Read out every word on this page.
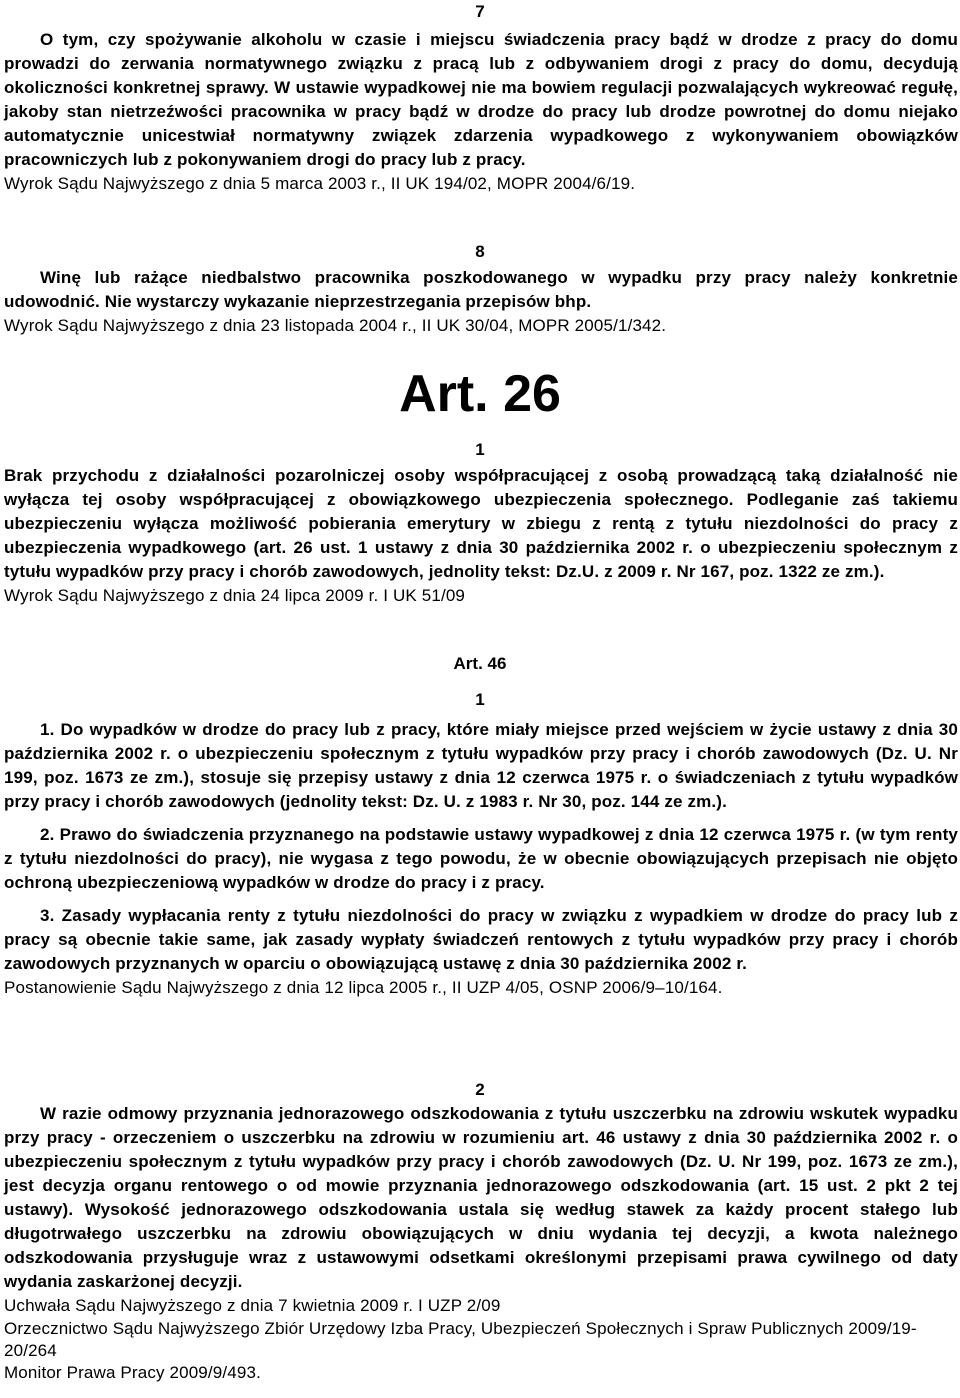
7
O tym, czy spożywanie alkoholu w czasie i miejscu świadczenia pracy bądź w drodze z pracy do domu prowadzi do zerwania normatywnego związku z pracą lub z odbywaniem drogi z pracy do domu, decydują okoliczności konkretnej sprawy. W ustawie wypadkowej nie ma bowiem regulacji pozwalających wykreować regułę, jakoby stan nietrzeźwości pracownika w pracy bądź w drodze do pracy lub drodze powrotnej do domu niejako automatycznie unicestwiał normatywny związek zdarzenia wypadkowego z wykonywaniem obowiązków pracowniczych lub z pokonywaniem drogi do pracy lub z pracy.
Wyrok Sądu Najwyższego z dnia 5 marca 2003 r., II UK 194/02, MOPR 2004/6/19.
8
Winę lub rażące niedbalstwo pracownika poszkodowanego w wypadku przy pracy należy konkretnie udowodnić. Nie wystarczy wykazanie nieprzestrzegania przepisów bhp.
Wyrok Sądu Najwyższego z dnia 23 listopada 2004 r., II UK 30/04, MOPR 2005/1/342.
Art. 26
1
Brak przychodu z działalności pozarolniczej osoby współpracującej z osobą prowadzącą taką działalność nie wyłącza tej osoby współpracującej z obowiązkowego ubezpieczenia społecznego. Podleganie zaś takiemu ubezpieczeniu wyłącza możliwość pobierania emerytury w zbiegu z rentą z tytułu niezdolności do pracy z ubezpieczenia wypadkowego (art. 26 ust. 1 ustawy z dnia 30 października 2002 r. o ubezpieczeniu społecznym z tytułu wypadków przy pracy i chorób zawodowych, jednolity tekst: Dz.U. z 2009 r. Nr 167, poz. 1322 ze zm.).
Wyrok Sądu Najwyższego z dnia 24 lipca 2009 r. I UK 51/09
Art. 46
1
1. Do wypadków w drodze do pracy lub z pracy, które miały miejsce przed wejściem w życie ustawy z dnia 30 października 2002 r. o ubezpieczeniu społecznym z tytułu wypadków przy pracy i chorób zawodowych (Dz. U. Nr 199, poz. 1673 ze zm.), stosuje się przepisy ustawy z dnia 12 czerwca 1975 r. o świadczeniach z tytułu wypadków przy pracy i chorób zawodowych (jednolity tekst: Dz. U. z 1983 r. Nr 30, poz. 144 ze zm.).
2. Prawo do świadczenia przyznanego na podstawie ustawy wypadkowej z dnia 12 czerwca 1975 r. (w tym renty z tytułu niezdolności do pracy), nie wygasa z tego powodu, że w obecnie obowiązujących przepisach nie objęto ochroną ubezpieczeniową wypadków w drodze do pracy i z pracy.
3. Zasady wypłacania renty z tytułu niezdolności do pracy w związku z wypadkiem w drodze do pracy lub z pracy są obecnie takie same, jak zasady wypłaty świadczeń rentowych z tytułu wypadków przy pracy i chorób zawodowych przyznanych w oparciu o obowiązującą ustawę z dnia 30 października 2002 r.
Postanowienie Sądu Najwyższego z dnia 12 lipca 2005 r., II UZP 4/05, OSNP 2006/9–10/164.
2
W razie odmowy przyznania jednorazowego odszkodowania z tytułu uszczerbku na zdrowiu wskutek wypadku przy pracy - orzeczeniem o uszczerbku na zdrowiu w rozumieniu art. 46 ustawy z dnia 30 października 2002 r. o ubezpieczeniu społecznym z tytułu wypadków przy pracy i chorób zawodowych (Dz. U. Nr 199, poz. 1673 ze zm.), jest decyzja organu rentowego o od mowie przyznania jednorazowego odszkodowania (art. 15 ust. 2 pkt 2 tej ustawy). Wysokość jednorazowego odszkodowania ustala się według stawek za każdy procent stałego lub długotrwałego uszczerbku na zdrowiu obowiązujących w dniu wydania tej decyzji, a kwota należnego odszkodowania przysługuje wraz z ustawowymi odsetkami określonymi przepisami prawa cywilnego od daty wydania zaskarżonej decyzji.
Uchwała Sądu Najwyższego z dnia 7 kwietnia 2009 r. I UZP 2/09
Orzecznictwo Sądu Najwyższego Zbiór Urzędowy Izba Pracy, Ubezpieczeń Społecznych i Spraw Publicznych 2009/19-20/264
Monitor Prawa Pracy 2009/9/493.
